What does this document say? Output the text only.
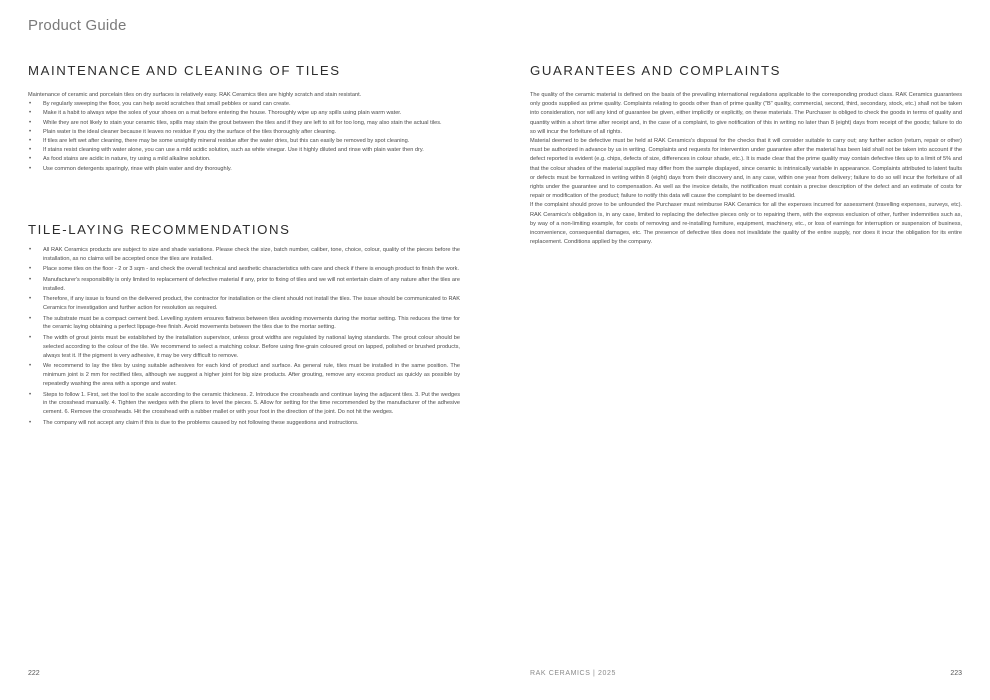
Product Guide
MAINTENANCE AND CLEANING OF TILES

Maintenance of ceramic and porcelain tiles on dry surfaces is relatively easy. RAK Ceramics tiles are highly scratch and stain resistant.

• By regularly sweeping the floor, you can help avoid scratches that small pebbles or sand can create.
• Make it a habit to always wipe the soles of your shoes on a mat before entering the house. Thoroughly wipe up any spills using plain warm water.
• While they are not likely to stain your ceramic tiles, spills may stain the grout between the tiles and if they are left to sit for too long, may also stain the actual tiles.
• Plain water is the ideal cleaner because it leaves no residue if you dry the surface of the tiles thoroughly after cleaning.
• If tiles are left wet after cleaning, there may be some unsightly mineral residue after the water dries, but this can easily be removed by spot cleaning.
• If stains resist cleaning with water alone, you can use a mild acidic solution, such as white vinegar. Use it highly diluted and rinse with plain water then dry.
• As food stains are acidic in nature, try using a mild alkaline solution.
• Use common detergents sparingly, rinse with plain water and dry thoroughly.
TILE-LAYING RECOMMENDATIONS
• All RAK Ceramics products are subject to size and shade variations. Please check the size, batch number, caliber, tone, choice, colour, quality of the pieces before the installation, as no claims will be accepted once the tiles are installed.
• Place some tiles on the floor - 2 or 3 sqm - and check the overall technical and aesthetic characteristics with care and check if there is enough product to finish the work.
• Manufacturer's responsibility is only limited to replacement of defective material if any, prior to fixing of tiles and we will not entertain claim of any nature after the tiles are installed.
• Therefore, if any issue is found on the delivered product, the contractor for installation or the client should not install the tiles. The issue should be communicated to RAK Ceramics for investigation and further action for resolution as required.
• The substrate must be a compact cement bed. Levelling system ensures flatness between tiles avoiding movements during the mortar setting. This reduces the time for the ceramic laying obtaining a perfect lippage-free finish. Avoid movements between the tiles due to the mortar setting.
• The width of grout joints must be established by the installation supervisor, unless grout widths are regulated by national laying standards. The grout colour should be selected according to the colour of the tile. We recommend to select a matching colour. Before using fine-grain coloured grout on lapped, polished or brushed products, always test it. If the pigment is very adhesive, it may be very difficult to remove.
• We recommend to lay the tiles by using suitable adhesives for each kind of product and surface. As general rule, tiles must be installed in the same position. The minimum joint is 2 mm for rectified tiles, although we suggest a higher joint for big size products. After grouting, remove any excess product as quickly as possible by repeatedly washing the area with a sponge and water.
• Steps to follow 1. First, set the tool to the scale according to the ceramic thickness. 2. Introduce the crossheads and continue laying the adjacent tiles. 3. Put the wedges in the crosshead manually. 4. Tighten the wedges with the pliers to level the pieces. 5. Allow for setting for the time recommended by the manufacturer of the adhesive cement. 6. Remove the crossheads. Hit the crosshead with a rubber mallet or with your foot in the direction of the joint. Do not hit the wedges.
• The company will not accept any claim if this is due to the problems caused by not following these suggestions and instructions.
GUARANTEES AND COMPLAINTS

The quality of the ceramic material is defined on the basis of the prevailing international regulations applicable to the corresponding product class. RAK Ceramics guarantees only goods supplied as prime quality. Complaints relating to goods other than of prime quality ("B" quality, commercial, second, third, secondary, stock, etc.) shall not be taken into consideration, nor will any kind of guarantee be given, either implicitly or explicitly, on these materials. The Purchaser is obliged to check the goods in terms of quality and quantity within a short time after receipt and, in the case of a complaint, to give notification of this in writing no later than 8 (eight) days from receipt of the goods; failure to do so will incur the forfeiture of all rights.

Material deemed to be defective must be held at RAK Ceramics's disposal for the checks that it will consider suitable to carry out; any further action (return, repair or other) must be authorized in advance by us in writing. Complaints and requests for intervention under guarantee after the material has been laid shall not be taken into account if the defect reported is evident (e.g. chips, defects of size, differences in colour shade, etc.). It is made clear that the prime quality may contain defective tiles up to a limit of 5% and that the colour shades of the material supplied may differ from the sample displayed, since ceramic is intrinsically variable in appearance. Complaints attributed to latent faults or defects must be formalized in writing within 8 (eight) days from their discovery and, in any case, within one year from delivery; failure to do so will incur the forfeiture of all rights under the guarantee and to compensation. As well as the invoice details, the notification must contain a precise description of the defect and an estimate of costs for repair or modification of the product; failure to notify this data will cause the complaint to be deemed invalid.

If the complaint should prove to be unfounded the Purchaser must reimburse RAK Ceramics for all the expenses incurred for assessment (travelling expenses, surveys, etc). RAK Ceramics's obligation is, in any case, limited to replacing the defective pieces only or to repairing them, with the express exclusion of other, further indemnities such as, by way of a non-limiting example, for costs of removing and re-installing furniture, equipment, machinery, etc., or loss of earnings for interruption or suspension of business, inconvenience, consequential damages, etc. The presence of defective tiles does not invalidate the quality of the entire supply, nor does it incur the obligation for its entire replacement. Conditions applied by the company.

222	RAK CERAMICS | 2025	223
